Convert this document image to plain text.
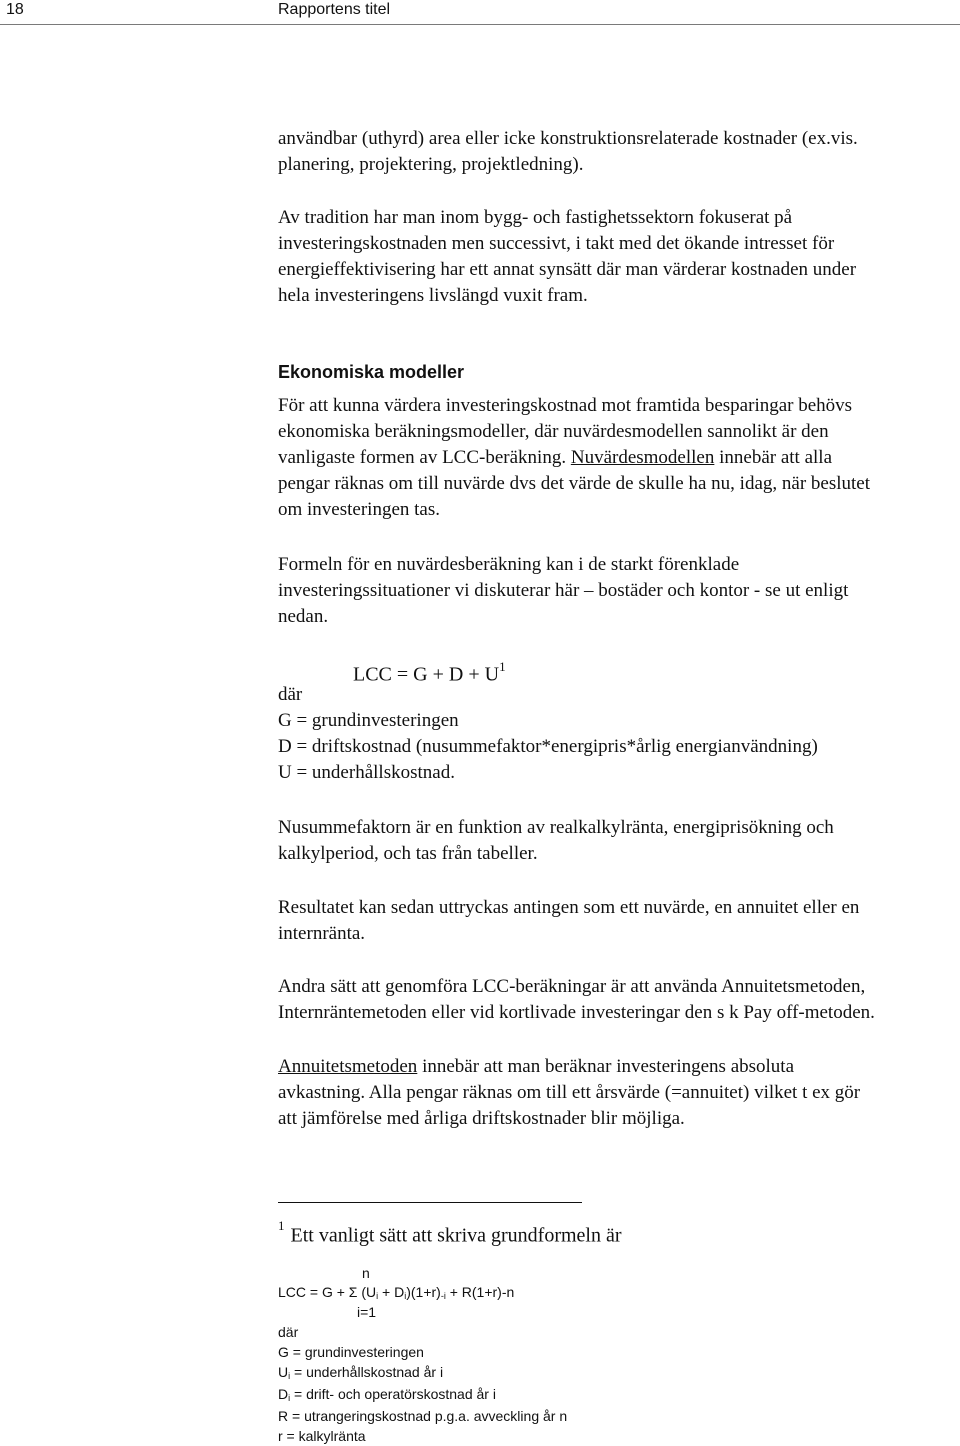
18	Rapportens titel
användbar (uthyrd) area eller icke konstruktionsrelaterade kostnader (ex.vis.
planering, projektering, projektledning).
Av tradition har man inom bygg- och fastighetssektorn fokuserat på
investeringskostnaden men successivt, i takt med det ökande intresset för
energieffektivisering har ett annat synsätt där man värderar kostnaden under
hela investeringens livslängd vuxit fram.
Ekonomiska modeller
För att kunna värdera investeringskostnad mot framtida besparingar behövs
ekonomiska beräkningsmodeller, där nuvärdesmodellen sannolikt är den
vanligaste formen av LCC-beräkning. Nuvärdesmodellen innebär att alla
pengar räknas om till nuvärde dvs det värde de skulle ha nu, idag, när beslutet
om investeringen tas.
Formeln för en nuvärdesberäkning kan i de starkt förenklade
investeringssituationer vi diskuterar här – bostäder och kontor - se ut enligt
nedan.
LCC = $G + D + U^1$
där
G = grundinvesteringen
D = driftskostnad (nusummefaktor*energipris*årlig energianvändning)
U = underhållskostnad.
Nusummefaktorn är en funktion av realkalkylränta, energiprisökning och
kalkylperiod, och tas från tabeller.
Resultatet kan sedan uttryckas antingen som ett nuvärde, en annuitet eller en
internränta.
Andra sätt att genomföra LCC-beräkningar är att använda Annuitetsmetoden,
Internräntemetoden eller vid kortlivade investeringar den s k Pay off-metoden.
Annuitetsmetoden innebär att man beräknar investeringens absoluta
avkastning. Alla pengar räknas om till ett årsvärde (=annuitet) vilket t ex gör
att jämförelse med årliga driftskostnader blir möjliga.
$^1$ Ett vanligt sätt att skriva grundformeln är
n
LCC = G + Σ $(U_i + D_i)(1+r)_{-i} + R(1+r)-n$
i=1
där
G = grundinvesteringen
$U_i$ = underhållskostnad år i
$D_i$ = drift- och operatörskostnad år i
R = utrangeringskostnad p.g.a. avveckling år n
r = kalkylränta
